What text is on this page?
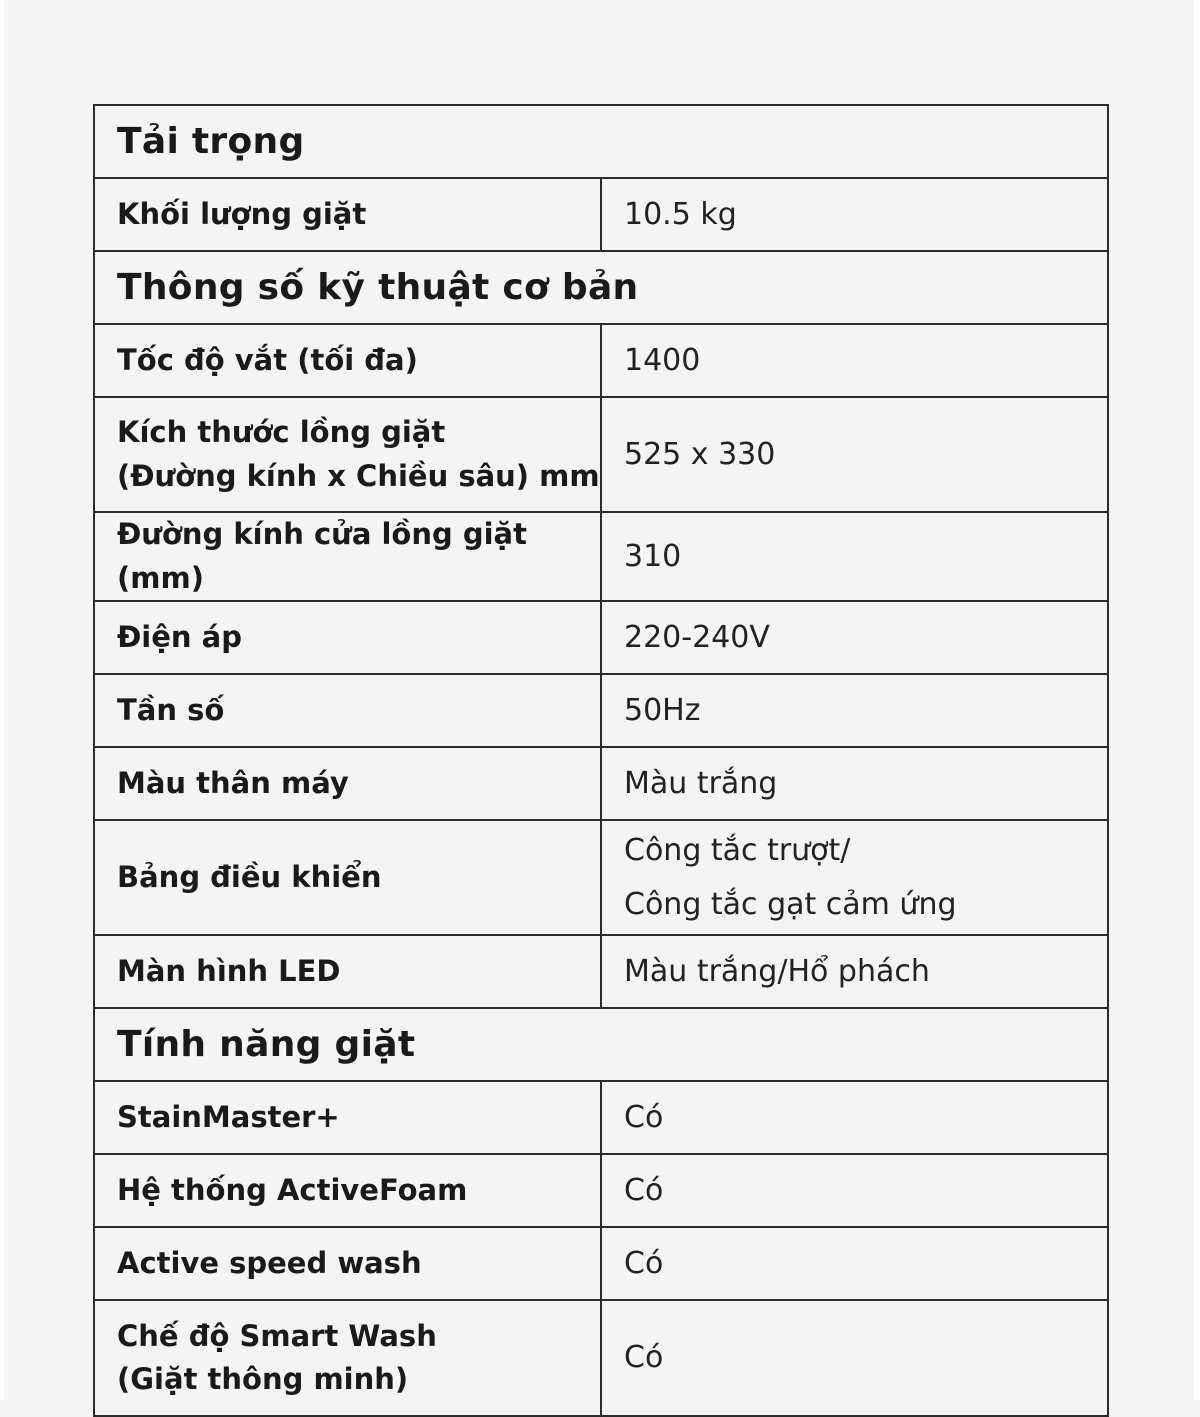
Tải trọng	
Khối lượng giặt	10.5 kg
Thông số kỹ thuật cơ bản	
Tốc độ vắt (tối đa)	1400

Kích thước lồng giặt
(Đường kính x Chiều sâu) mm	525 x 330
Đường kính cửa lồng giặt (mm)	310
Điện áp	220-240V
Tần số	50Hz
Màu thân máy	Màu trắng
Bảng điều khiển	Công tắc trượt/
Công tắc gạt cảm ứng

Màn hình LED	Màu trắng/Hổ phách
Tính năng giặt	
StainMaster+	Có
Hệ thống ActiveFoam	Có
Active speed wash	Có

Chế độ Smart Wash
(Giặt thông minh)	Có
